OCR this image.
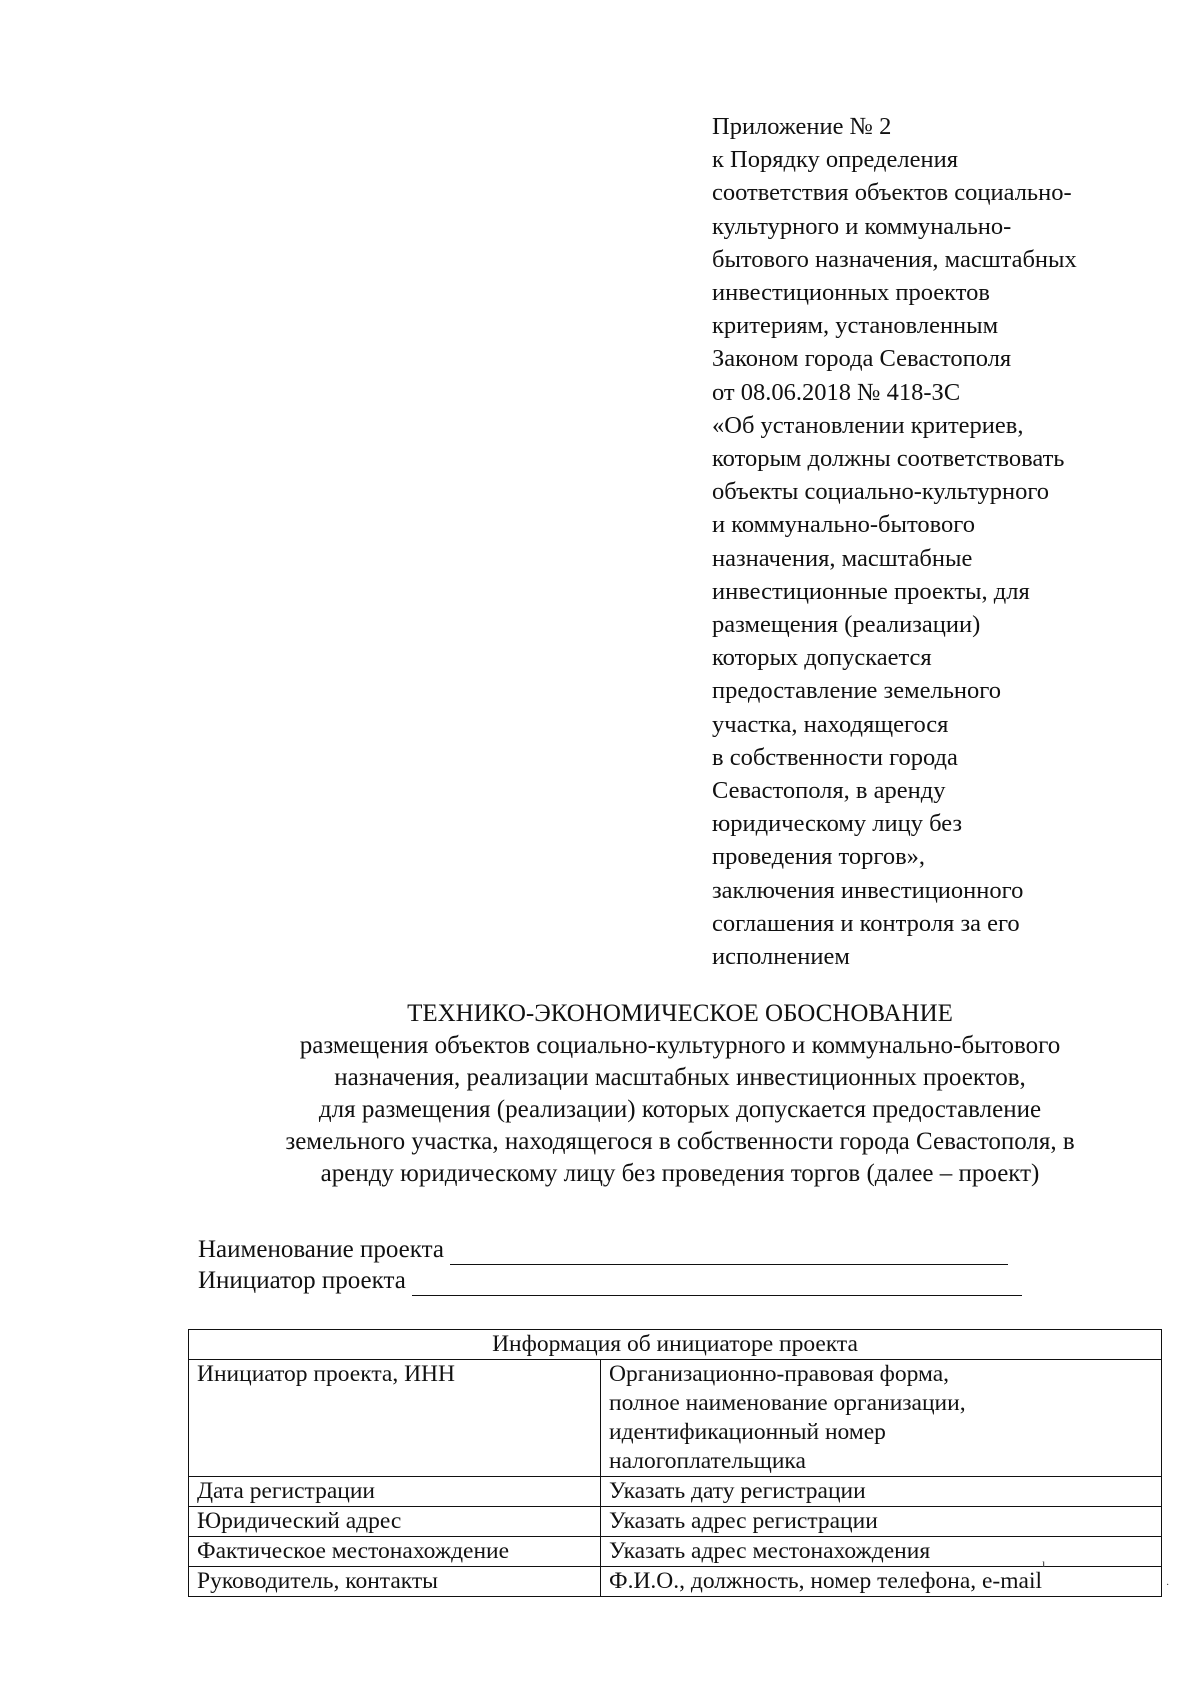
Приложение № 2
к Порядку определения
соответствия объектов социально-
культурного и коммунально-
бытового назначения, масштабных
инвестиционных проектов
критериям, установленным
Законом города Севастополя
от 08.06.2018 № 418-ЗС
«Об установлении критериев,
которым должны соответствовать
объекты социально-культурного
и коммунально-бытового
назначения, масштабные
инвестиционные проекты, для
размещения (реализации)
которых допускается
предоставление земельного
участка, находящегося
в собственности города
Севастополя, в аренду
юридическому лицу без
проведения торгов»,
заключения инвестиционного
соглашения и контроля за его
исполнением
ТЕХНИКО-ЭКОНОМИЧЕСКОЕ ОБОСНОВАНИЕ
размещения объектов социально-культурного и коммунально-бытового
назначения, реализации масштабных инвестиционных проектов,
для размещения (реализации) которых допускается предоставление
земельного участка, находящегося в собственности города Севастополя, в
аренду юридическому лицу без проведения торгов (далее – проект)
Наименование проекта
Инициатор проекта
Информация об инициаторе проекта	
Инициатор проекта, ИНН	Организационно-правовая форма,
полное наименование организации,
идентификационный номер
налогоплательщика

Дата регистрации	Указать дату регистрации

Юридический адрес	Указать адрес регистрации

Фактическое местонахождение	Указать адрес местонахождения

Руководитель, контакты	Ф.И.О., должность, номер телефона, e-mail
ı
·
